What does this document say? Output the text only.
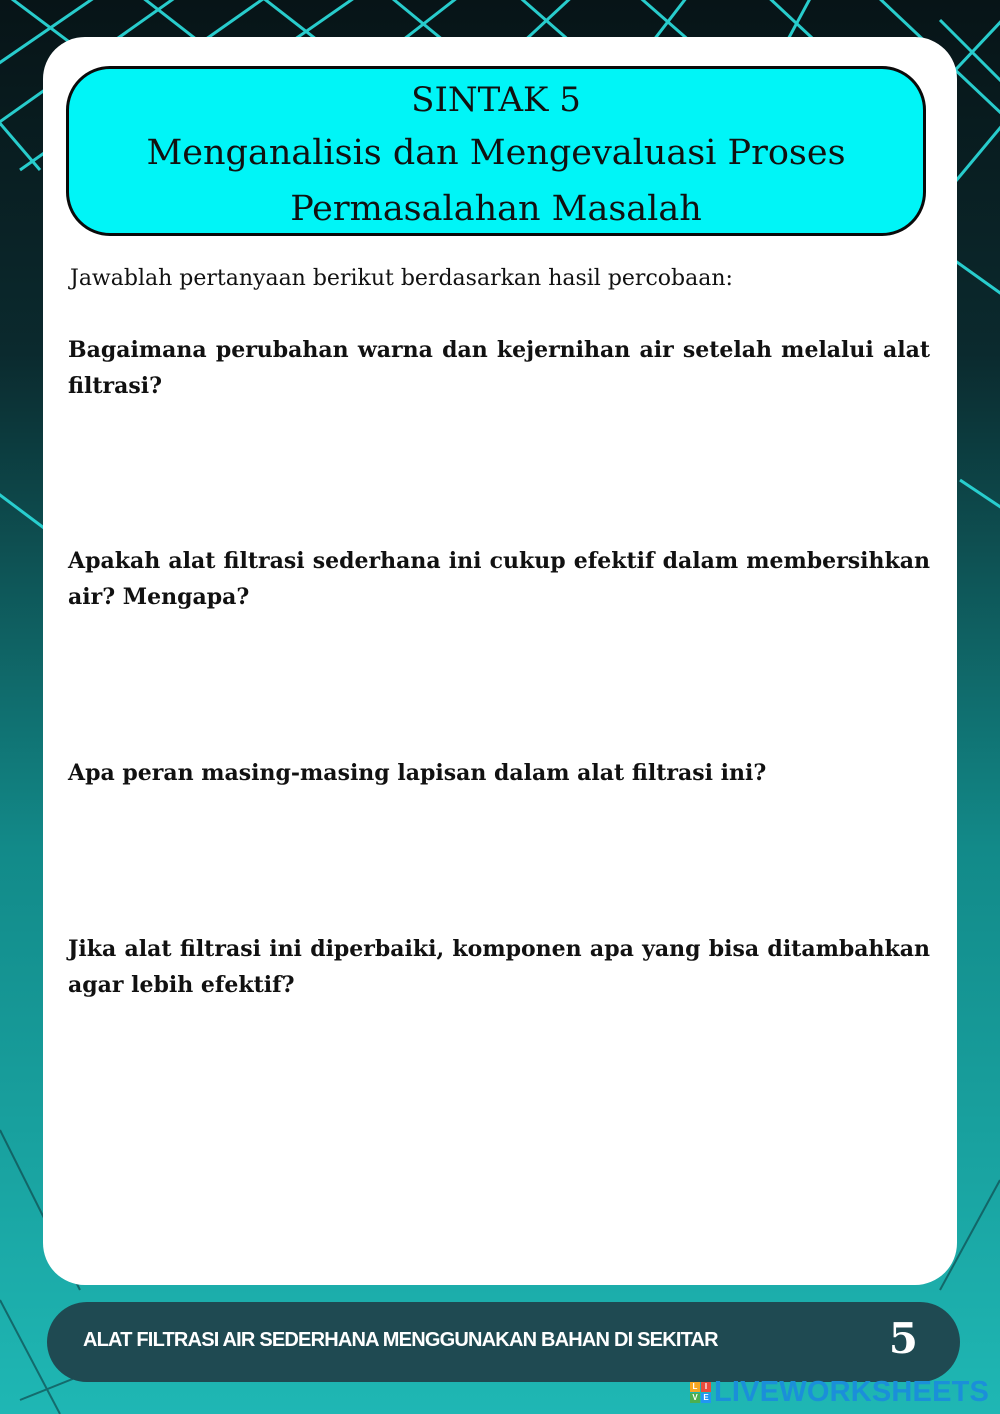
SINTAK 5
Menganalisis dan Mengevaluasi Proses
Permasalahan Masalah
Jawablah pertanyaan berikut berdasarkan hasil percobaan:
Bagaimana perubahan warna dan kejernihan air setelah melalui alat filtrasi?
Apakah alat filtrasi sederhana ini cukup efektif dalam membersihkan air? Mengapa?
Apa peran masing-masing lapisan dalam alat filtrasi ini?
Jika alat filtrasi ini diperbaiki, komponen apa yang bisa ditambahkan agar lebih efektif?
ALAT FILTRASI AIR SEDERHANA MENGGUNAKAN BAHAN DI SEKITAR	5
L I
V E LIVEWORKSHEETS
